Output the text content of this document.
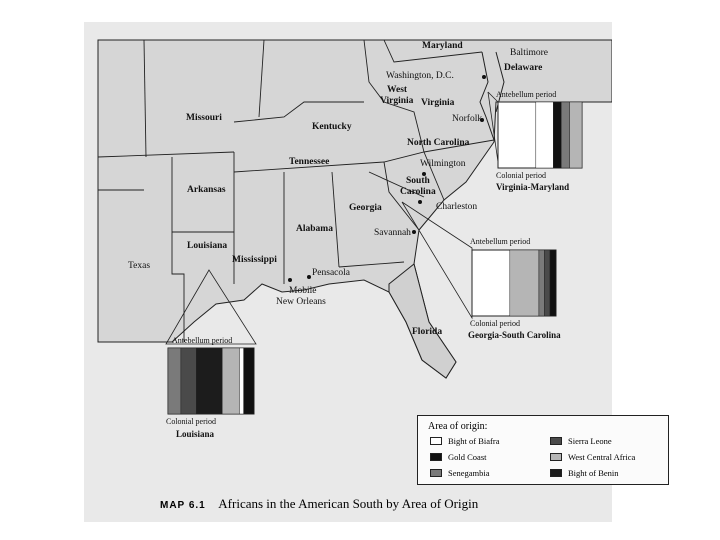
Maryland
Delaware
Missouri
West
Virginia Virginia
Kentucky
North Carolina
Tennessee
Arkansas
South
Carolina
Georgia
Alabama
Mississippi
Louisiana
Texas
Florida
Baltimore
Washington, D.C.
Norfolk
Wilmington
Charleston
Savannah
Pensacola
Mobile
New Orleans
Antebellum period
Colonial period
Virginia-Maryland
Antebellum period
Colonial period
Georgia-South Carolina
Antebellum period
Colonial period
Louisiana
Area of origin:
Bight of Biafra
Gold Coast
Senegambia
Sierra Leone
West Central Africa
Bight of Benin
MAP 6.1 Africans in the American South by Area of Origin
